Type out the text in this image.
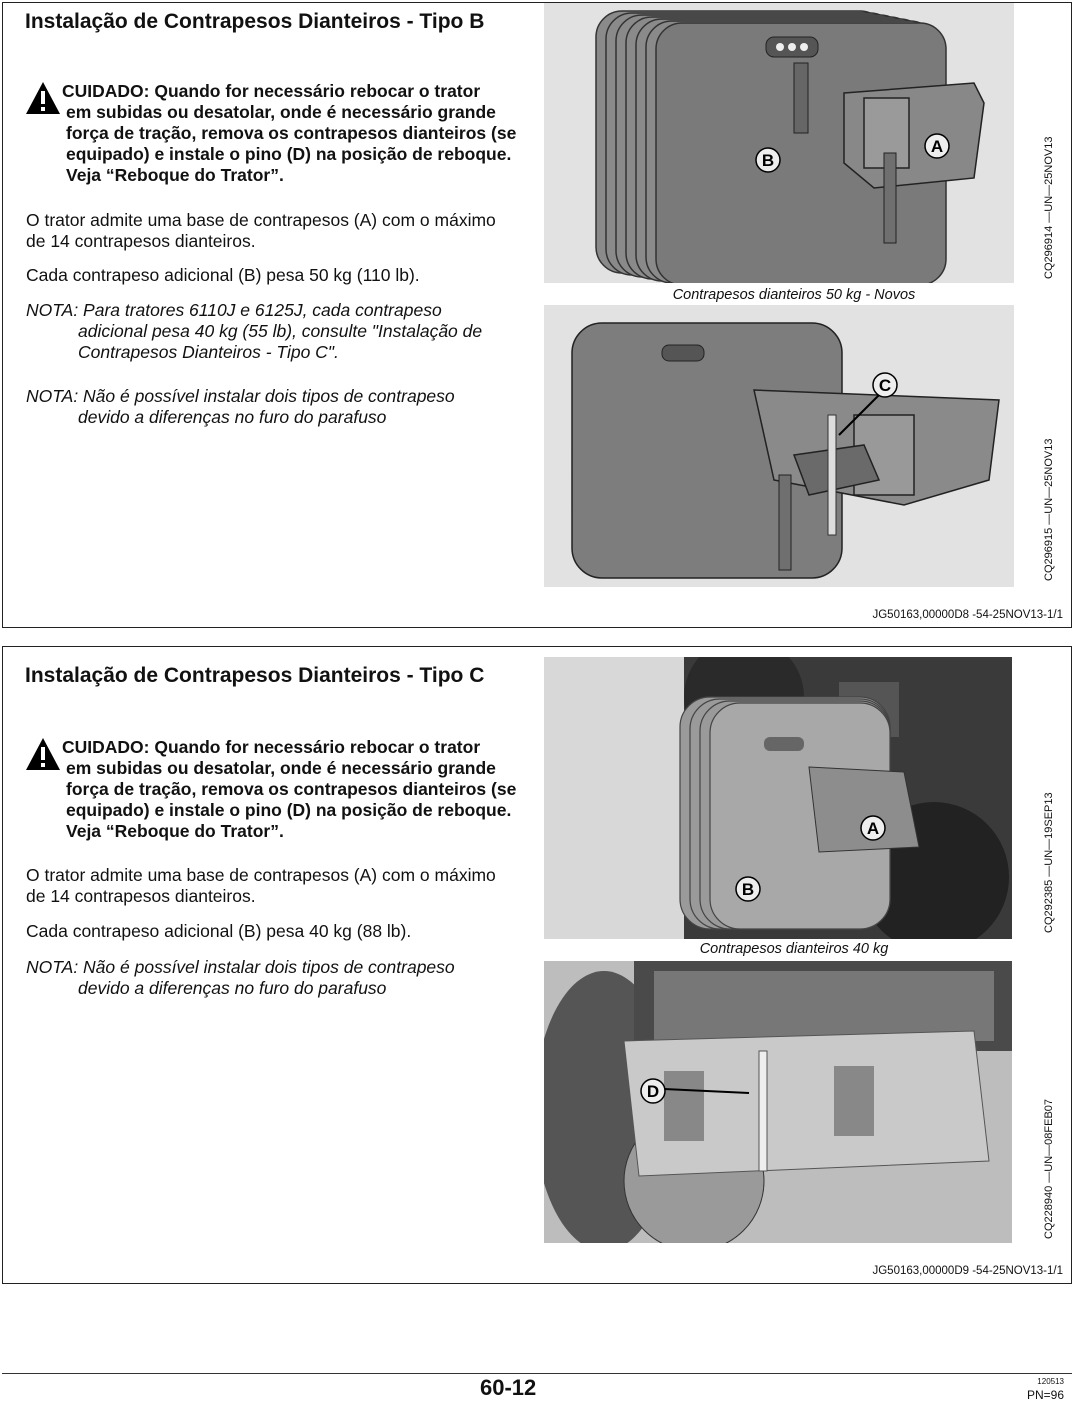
Instalação de Contrapesos Dianteiros - Tipo B
CUIDADO: Quando for necessário rebocar o trator
em subidas ou desatolar, onde é necessário grande força de tração, remova os contrapesos dianteiros (se equipado) e instale o pino (D) na posição de reboque. Veja “Reboque do Trator”.

O trator admite uma base de contrapesos (A) com o máximo de 14 contrapesos dianteiros.

Cada contrapeso adicional (B) pesa 50 kg (110 lb).

NOTA: Para tratores 6110J e 6125J, cada contrapeso
adicional pesa 40 kg (55 lb), consulte "Instalação de Contrapesos Dianteiros - Tipo C".

NOTA: Não é possível instalar dois tipos de contrapeso
devido a diferenças no furo do parafuso

A
B
Contrapesos dianteiros 50 kg - Novos
CQ296914 —UN—25NOV13
C
CQ296915 —UN—25NOV13
JG50163,00000D8 -54-25NOV13-1/1
Instalação de Contrapesos Dianteiros - Tipo C
CUIDADO: Quando for necessário rebocar o trator
em subidas ou desatolar, onde é necessário grande força de tração, remova os contrapesos dianteiros (se equipado) e instale o pino (D) na posição de reboque. Veja “Reboque do Trator”.

O trator admite uma base de contrapesos (A) com o máximo de 14 contrapesos dianteiros.

Cada contrapeso adicional (B) pesa 40 kg (88 lb).

NOTA: Não é possível instalar dois tipos de contrapeso
devido a diferenças no furo do parafuso

A
B
Contrapesos dianteiros 40 kg
CQ292385 —UN—19SEP13
D
CQ228940 —UN—08FEB07
JG50163,00000D9 -54-25NOV13-1/1
60-12	120513
PN=96
